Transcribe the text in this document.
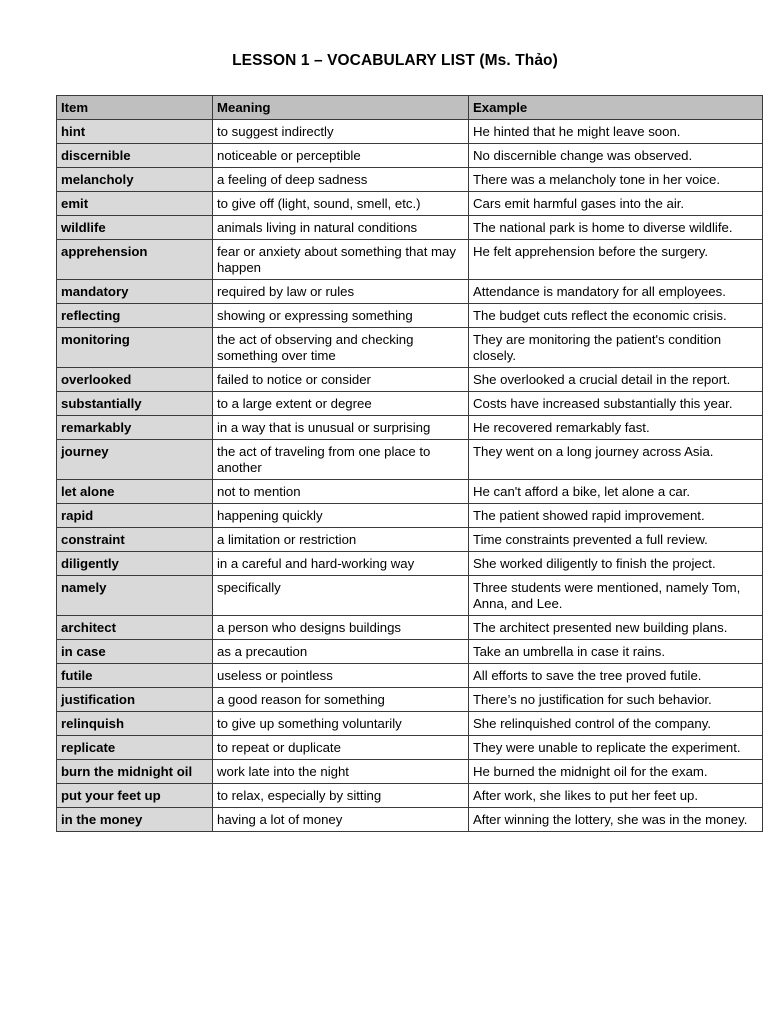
LESSON 1 – VOCABULARY LIST (Ms. Thảo)
Item	Meaning	Example
hint	to suggest indirectly	He hinted that he might leave soon.
discernible	noticeable or perceptible	No discernible change was observed.
melancholy	a feeling of deep sadness	There was a melancholy tone in her voice.
emit	to give off (light, sound, smell, etc.)	Cars emit harmful gases into the air.
wildlife	animals living in natural conditions	The national park is home to diverse wildlife.
apprehension	fear or anxiety about something that may happen	He felt apprehension before the surgery.
mandatory	required by law or rules	Attendance is mandatory for all employees.
reflecting	showing or expressing something	The budget cuts reflect the economic crisis.
monitoring	the act of observing and checking something over time	They are monitoring the patient's condition closely.
overlooked	failed to notice or consider	She overlooked a crucial detail in the report.
substantially	to a large extent or degree	Costs have increased substantially this year.
remarkably	in a way that is unusual or surprising	He recovered remarkably fast.
journey	the act of traveling from one place to another	They went on a long journey across Asia.
let alone	not to mention	He can't afford a bike, let alone a car.
rapid	happening quickly	The patient showed rapid improvement.
constraint	a limitation or restriction	Time constraints prevented a full review.
diligently	in a careful and hard-working way	She worked diligently to finish the project.
namely	specifically	Three students were mentioned, namely Tom, Anna, and Lee.
architect	a person who designs buildings	The architect presented new building plans.
in case	as a precaution	Take an umbrella in case it rains.
futile	useless or pointless	All efforts to save the tree proved futile.
justification	a good reason for something	There’s no justification for such behavior.
relinquish	to give up something voluntarily	She relinquished control of the company.
replicate	to repeat or duplicate	They were unable to replicate the experiment.
burn the midnight oil	work late into the night	He burned the midnight oil for the exam.
put your feet up	to relax, especially by sitting	After work, she likes to put her feet up.
in the money	having a lot of money	After winning the lottery, she was in the money.
